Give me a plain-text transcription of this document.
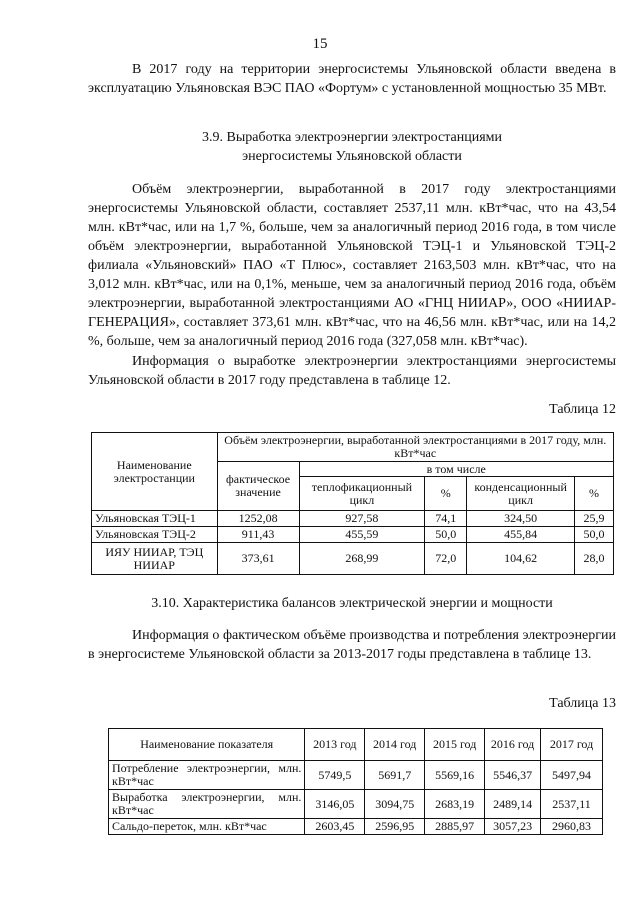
15

В 2017 году на территории энергосистемы Ульяновской области введена в эксплуатацию Ульяновская ВЭС ПАО «Фортум» с установленной мощностью 35 МВт.

3.9. Выработка электроэнергии электростанциями
энергосистемы Ульяновской области

Объём электроэнергии, выработанной в 2017 году электростанциями энергосистемы Ульяновской области, составляет 2537,11 млн. кВт*час, что на 43,54 млн. кВт*час, или на 1,7 %, больше, чем за аналогичный период 2016 года, в том числе объём электроэнергии, выработанной Ульяновской ТЭЦ-1 и Ульяновской ТЭЦ-2 филиала «Ульяновский» ПАО «Т Плюс», составляет 2163,503 млн. кВт*час, что на 3,012 млн. кВт*час, или на 0,1%, меньше, чем за аналогичный период 2016 года, объём электроэнергии, выработанной электростанциями АО «ГНЦ НИИАР», ООО «НИИАР-ГЕНЕРАЦИЯ», составляет 373,61 млн. кВт*час, что на 46,56 млн. кВт*час, или на 14,2 %, больше, чем за аналогичный период 2016 года (327,058 млн. кВт*час).

Информация о выработке электроэнергии электростанциями энергосистемы Ульяновской области в 2017 году представлена в таблице 12.

Таблица 12
Наименование электростанции	Объём электроэнергии, выработанной электростанциями в 2017 году, млн. кВт*час				
	фактическое значение	в том числе			
		теплофикационный цикл	%	конденсационный цикл	%
Ульяновская ТЭЦ-1	1252,08	927,58	74,1	324,50	25,9
Ульяновская ТЭЦ-2	911,43	455,59	50,0	455,84	50,0
ИЯУ НИИАР, ТЭЦ НИИАР	373,61	268,99	72,0	104,62	28,0
3.10. Характеристика балансов электрической энергии и мощности

Информация о фактическом объёме производства и потребления электроэнергии в энергосистеме Ульяновской области за 2013-2017 годы представлена в таблице 13.

Таблица 13
Наименование показателя	2013 год	2014 год	2015 год	2016 год	2017 год
Потребление электроэнергии, млн. кВт*час	5749,5	5691,7	5569,16	5546,37	5497,94
Выработка электроэнергии, млн. кВт*час	3146,05	3094,75	2683,19	2489,14	2537,11
Сальдо-переток, млн. кВт*час	2603,45	2596,95	2885,97	3057,23	2960,83
